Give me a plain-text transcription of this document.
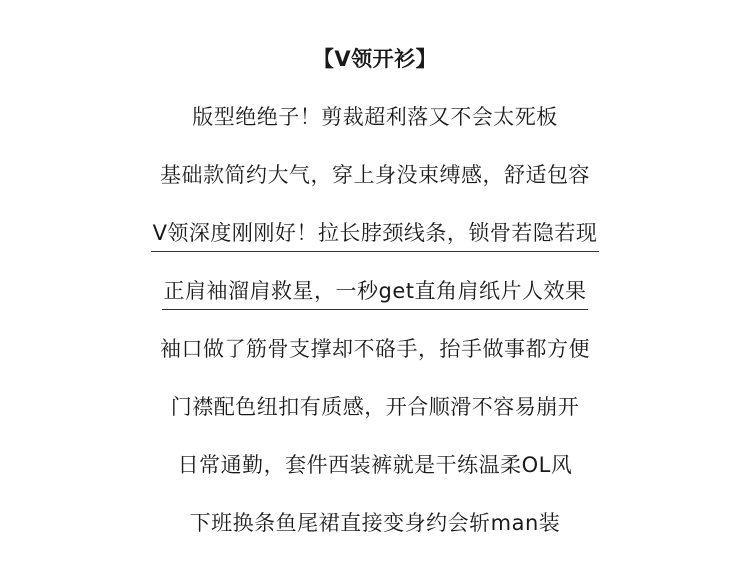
【V领开衫】
版型绝绝子！剪裁超利落又不会太死板
基础款简约大气，穿上身没束缚感，舒适包容
V领深度刚刚好！拉长脖颈线条，锁骨若隐若现
正肩袖溜肩救星，一秒get直角肩纸片人效果
袖口做了筋骨支撑却不硌手，抬手做事都方便
门襟配色纽扣有质感，开合顺滑不容易崩开
日常通勤，套件西装裤就是干练温柔OL风
下班换条鱼尾裙直接变身约会斩man装
